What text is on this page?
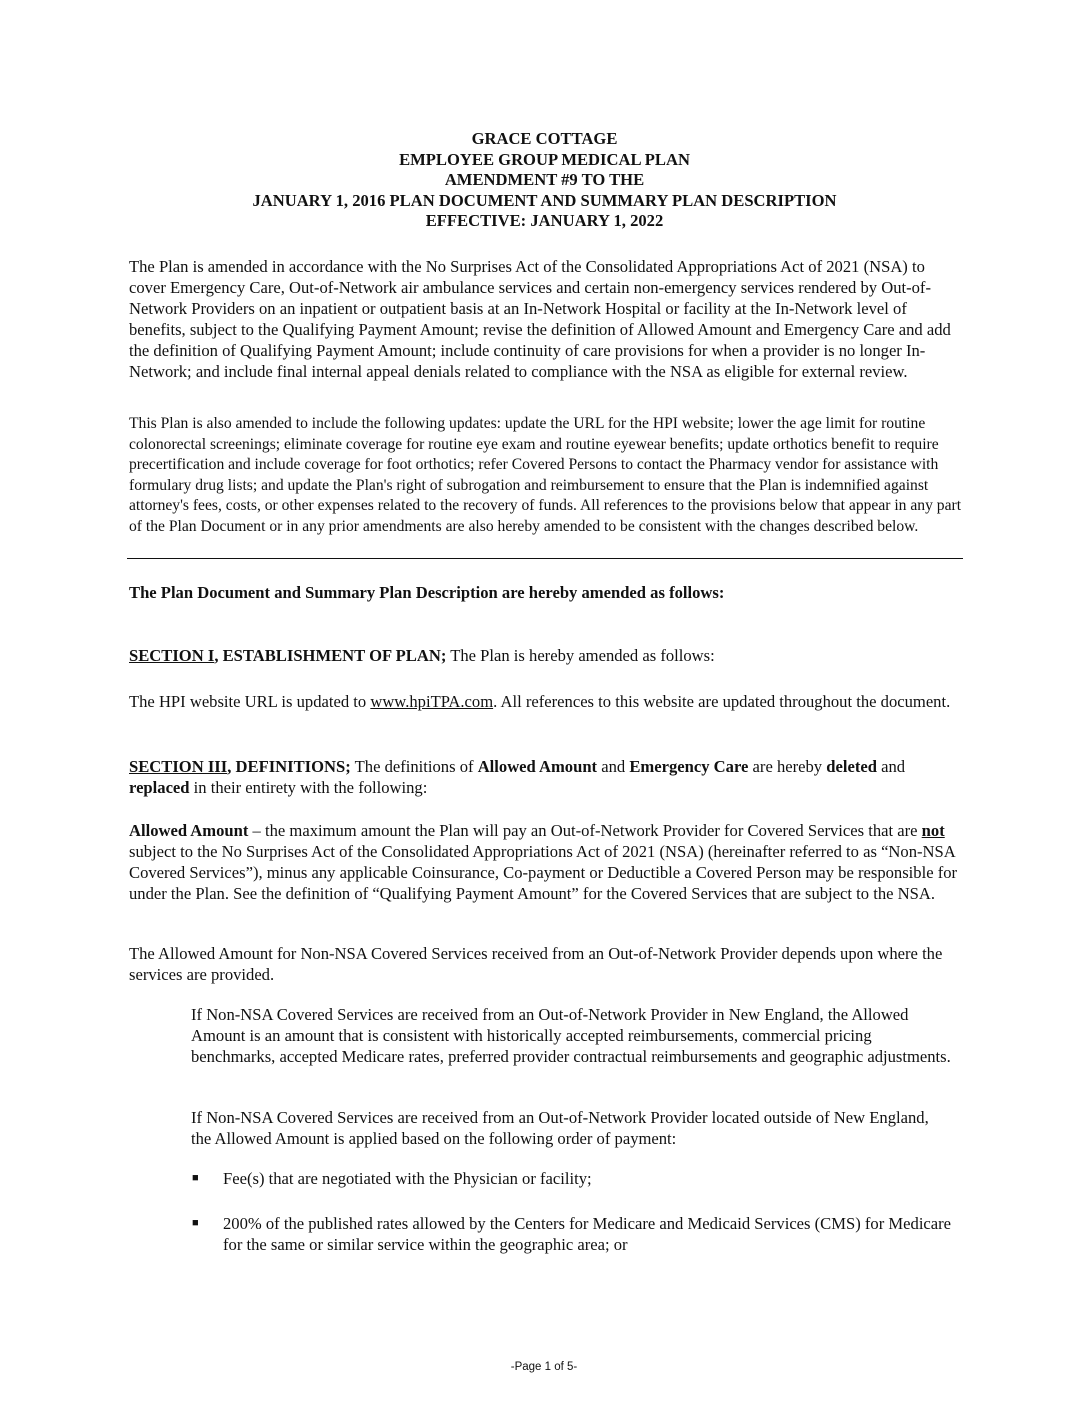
GRACE COTTAGE
EMPLOYEE GROUP MEDICAL PLAN
AMENDMENT #9 TO THE
JANUARY 1, 2016 PLAN DOCUMENT AND SUMMARY PLAN DESCRIPTION
EFFECTIVE: JANUARY 1, 2022

The Plan is amended in accordance with the No Surprises Act of the Consolidated Appropriations Act of 2021 (NSA) to cover Emergency Care, Out-of-Network air ambulance services and certain non-emergency services rendered by Out-of-Network Providers on an inpatient or outpatient basis at an In-Network Hospital or facility at the In-Network level of benefits, subject to the Qualifying Payment Amount; revise the definition of Allowed Amount and Emergency Care and add the definition of Qualifying Payment Amount; include continuity of care provisions for when a provider is no longer In-Network; and include final internal appeal denials related to compliance with the NSA as eligible for external review.

This Plan is also amended to include the following updates: update the URL for the HPI website; lower the age limit for routine colonorectal screenings; eliminate coverage for routine eye exam and routine eyewear benefits; update orthotics benefit to require precertification and include coverage for foot orthotics; refer Covered Persons to contact the Pharmacy vendor for assistance with formulary drug lists; and update the Plan's right of subrogation and reimbursement to ensure that the Plan is indemnified against attorney's fees, costs, or other expenses related to the recovery of funds. All references to the provisions below that appear in any part of the Plan Document or in any prior amendments are also hereby amended to be consistent with the changes described below.

The Plan Document and Summary Plan Description are hereby amended as follows:

SECTION I, ESTABLISHMENT OF PLAN; The Plan is hereby amended as follows:

The HPI website URL is updated to www.hpiTPA.com. All references to this website are updated throughout the document.

SECTION III, DEFINITIONS; The definitions of Allowed Amount and Emergency Care are hereby deleted and replaced in their entirety with the following:

Allowed Amount – the maximum amount the Plan will pay an Out-of-Network Provider for Covered Services that are not subject to the No Surprises Act of the Consolidated Appropriations Act of 2021 (NSA) (hereinafter referred to as “Non-NSA Covered Services”), minus any applicable Coinsurance, Co-payment or Deductible a Covered Person may be responsible for under the Plan. See the definition of “Qualifying Payment Amount” for the Covered Services that are subject to the NSA.

The Allowed Amount for Non-NSA Covered Services received from an Out-of-Network Provider depends upon where the services are provided.

If Non-NSA Covered Services are received from an Out-of-Network Provider in New England, the Allowed Amount is an amount that is consistent with historically accepted reimbursements, commercial pricing benchmarks, accepted Medicare rates, preferred provider contractual reimbursements and geographic adjustments.

If Non-NSA Covered Services are received from an Out-of-Network Provider located outside of New England, the Allowed Amount is applied based on the following order of payment:

■	Fee(s) that are negotiated with the Physician or facility;

■	200% of the published rates allowed by the Centers for Medicare and Medicaid Services (CMS) for Medicare for the same or similar service within the geographic area; or

-Page 1 of 5-
